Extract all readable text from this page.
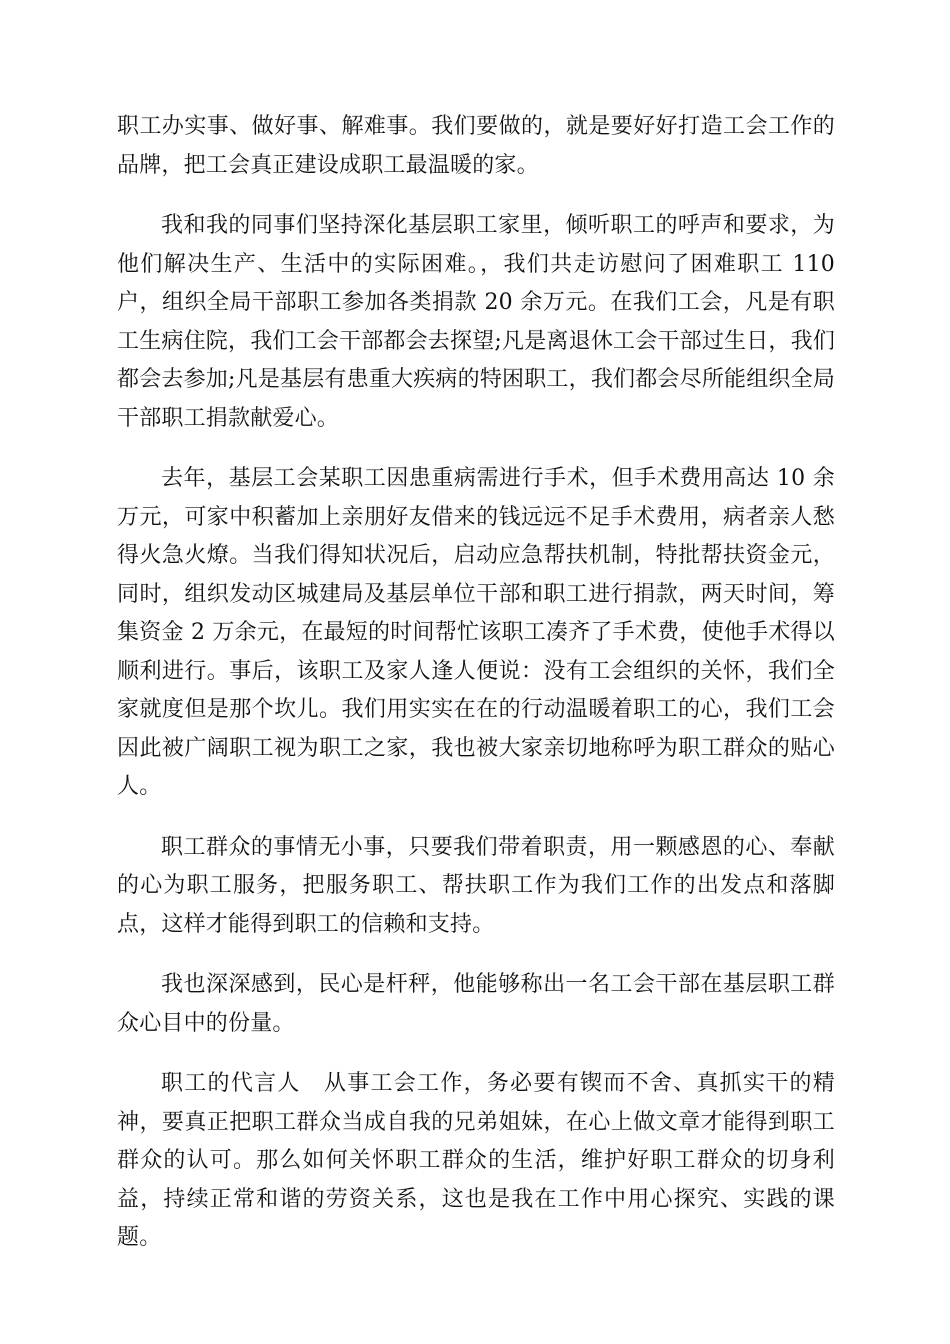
职工办实事、做好事、解难事。我们要做的，就是要好好打造工会工作的品牌，把工会真正建设成职工最温暖的家。

我和我的同事们坚持深化基层职工家里，倾听职工的呼声和要求，为他们解决生产、生活中的实际困难。，我们共走访慰问了困难职工 110 户，组织全局干部职工参加各类捐款 20 余万元。在我们工会，凡是有职工生病住院，我们工会干部都会去探望;凡是离退休工会干部过生日，我们都会去参加;凡是基层有患重大疾病的特困职工，我们都会尽所能组织全局干部职工捐款献爱心。

去年，基层工会某职工因患重病需进行手术，但手术费用高达 10 余万元，可家中积蓄加上亲朋好友借来的钱远远不足手术费用，病者亲人愁得火急火燎。当我们得知状况后，启动应急帮扶机制，特批帮扶资金元，同时，组织发动区城建局及基层单位干部和职工进行捐款，两天时间，筹集资金 2 万余元，在最短的时间帮忙该职工凑齐了手术费，使他手术得以顺利进行。事后，该职工及家人逢人便说：没有工会组织的关怀，我们全家就度但是那个坎儿。我们用实实在在的行动温暖着职工的心，我们工会因此被广阔职工视为职工之家，我也被大家亲切地称呼为职工群众的贴心人。

职工群众的事情无小事，只要我们带着职责，用一颗感恩的心、奉献的心为职工服务，把服务职工、帮扶职工作为我们工作的出发点和落脚点，这样才能得到职工的信赖和支持。

我也深深感到，民心是杆秤，他能够称出一名工会干部在基层职工群众心目中的份量。

职工的代言人　从事工会工作，务必要有锲而不舍、真抓实干的精神，要真正把职工群众当成自我的兄弟姐妹，在心上做文章才能得到职工群众的认可。那么如何关怀职工群众的生活，维护好职工群众的切身利益，持续正常和谐的劳资关系，这也是我在工作中用心探究、实践的课题。
